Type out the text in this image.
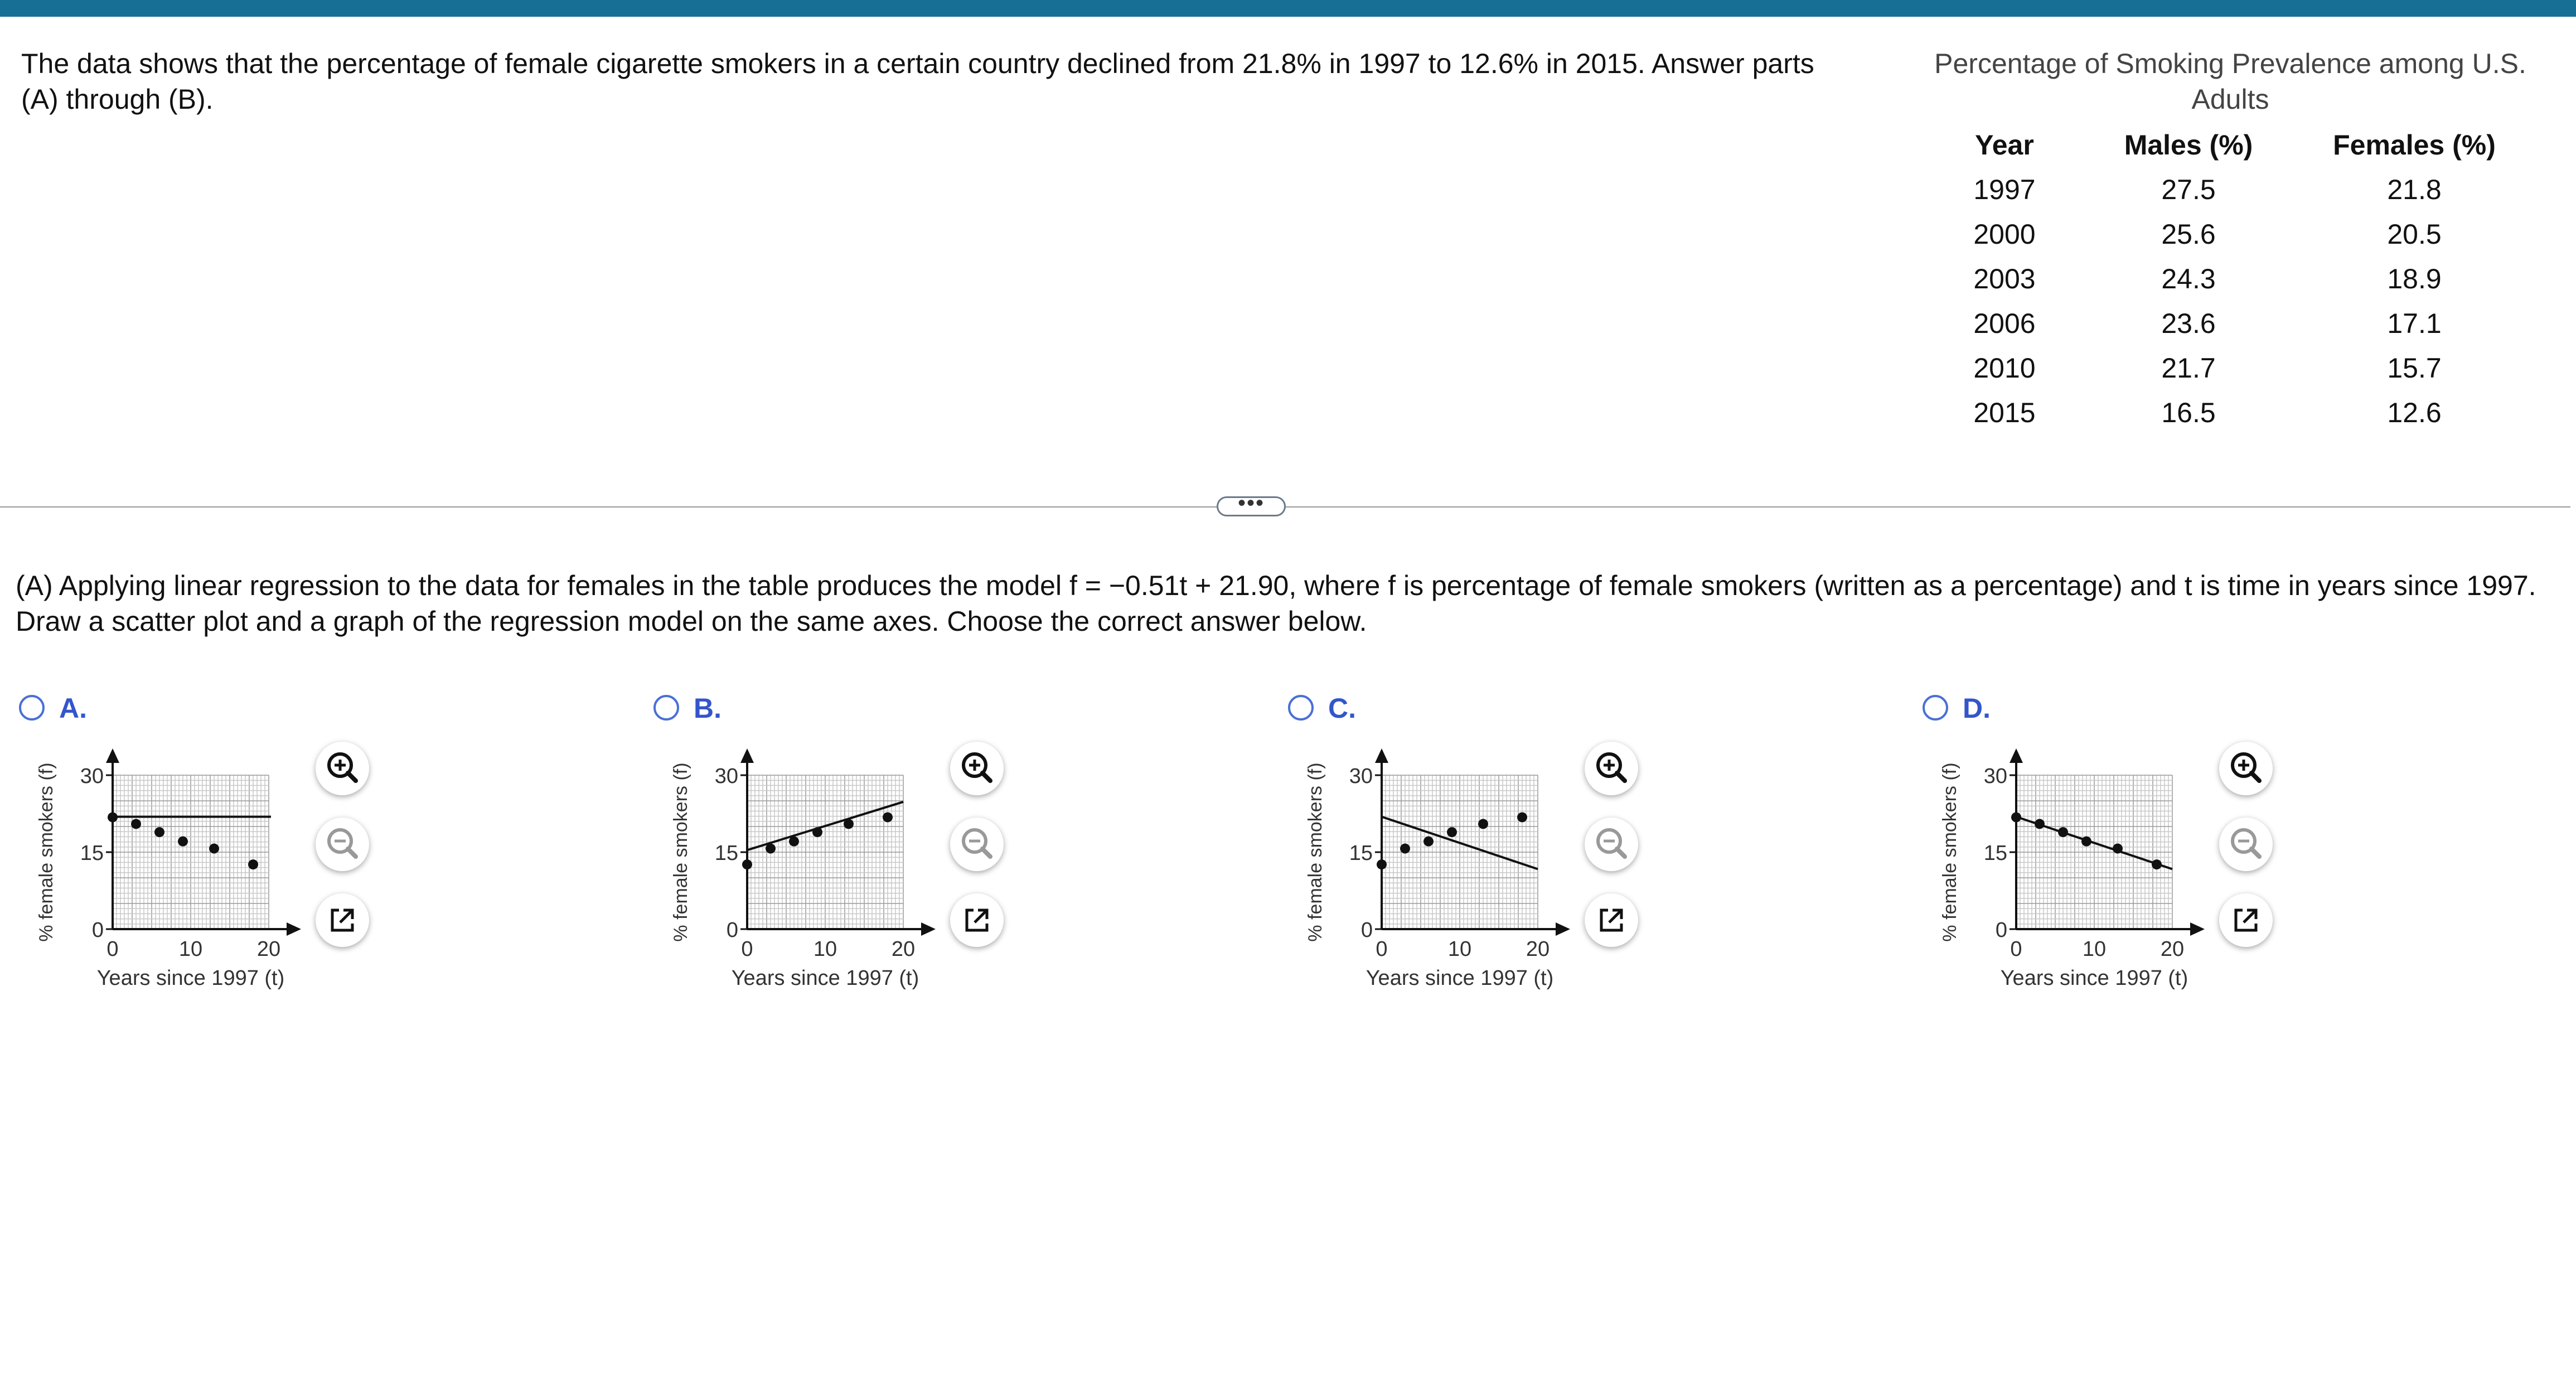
The data shows that the percentage of female cigarette smokers in a certain country declined from 21.8% in 1997 to 12.6% in 2015. Answer parts (A) through (B).
Percentage of Smoking Prevalence among U.S. Adults
Year	Males (%)	Females (%)
1997	27.5	21.8
2000	25.6	20.5
2003	24.3	18.9
2006	23.6	17.1
2010	21.7	15.7
2015	16.5	12.6
•••
(A) Applying linear regression to the data for females in the table produces the model f = −0.51t + 21.90, where f is percentage of female smokers (written as a percentage) and t is time in years since 1997. Draw a scatter plot and a graph of the regression model on the same axes. Choose the correct answer below.
A.
0
15
30
0	10	20
% female smokers (f)
Years since 1997 (t)
B.
0
15
30
0	10	20
% female smokers (f)
Years since 1997 (t)
C.
0
15
30
0	10	20
% female smokers (f)
Years since 1997 (t)
D.
0
15
30
0	10	20
% female smokers (f)
Years since 1997 (t)
